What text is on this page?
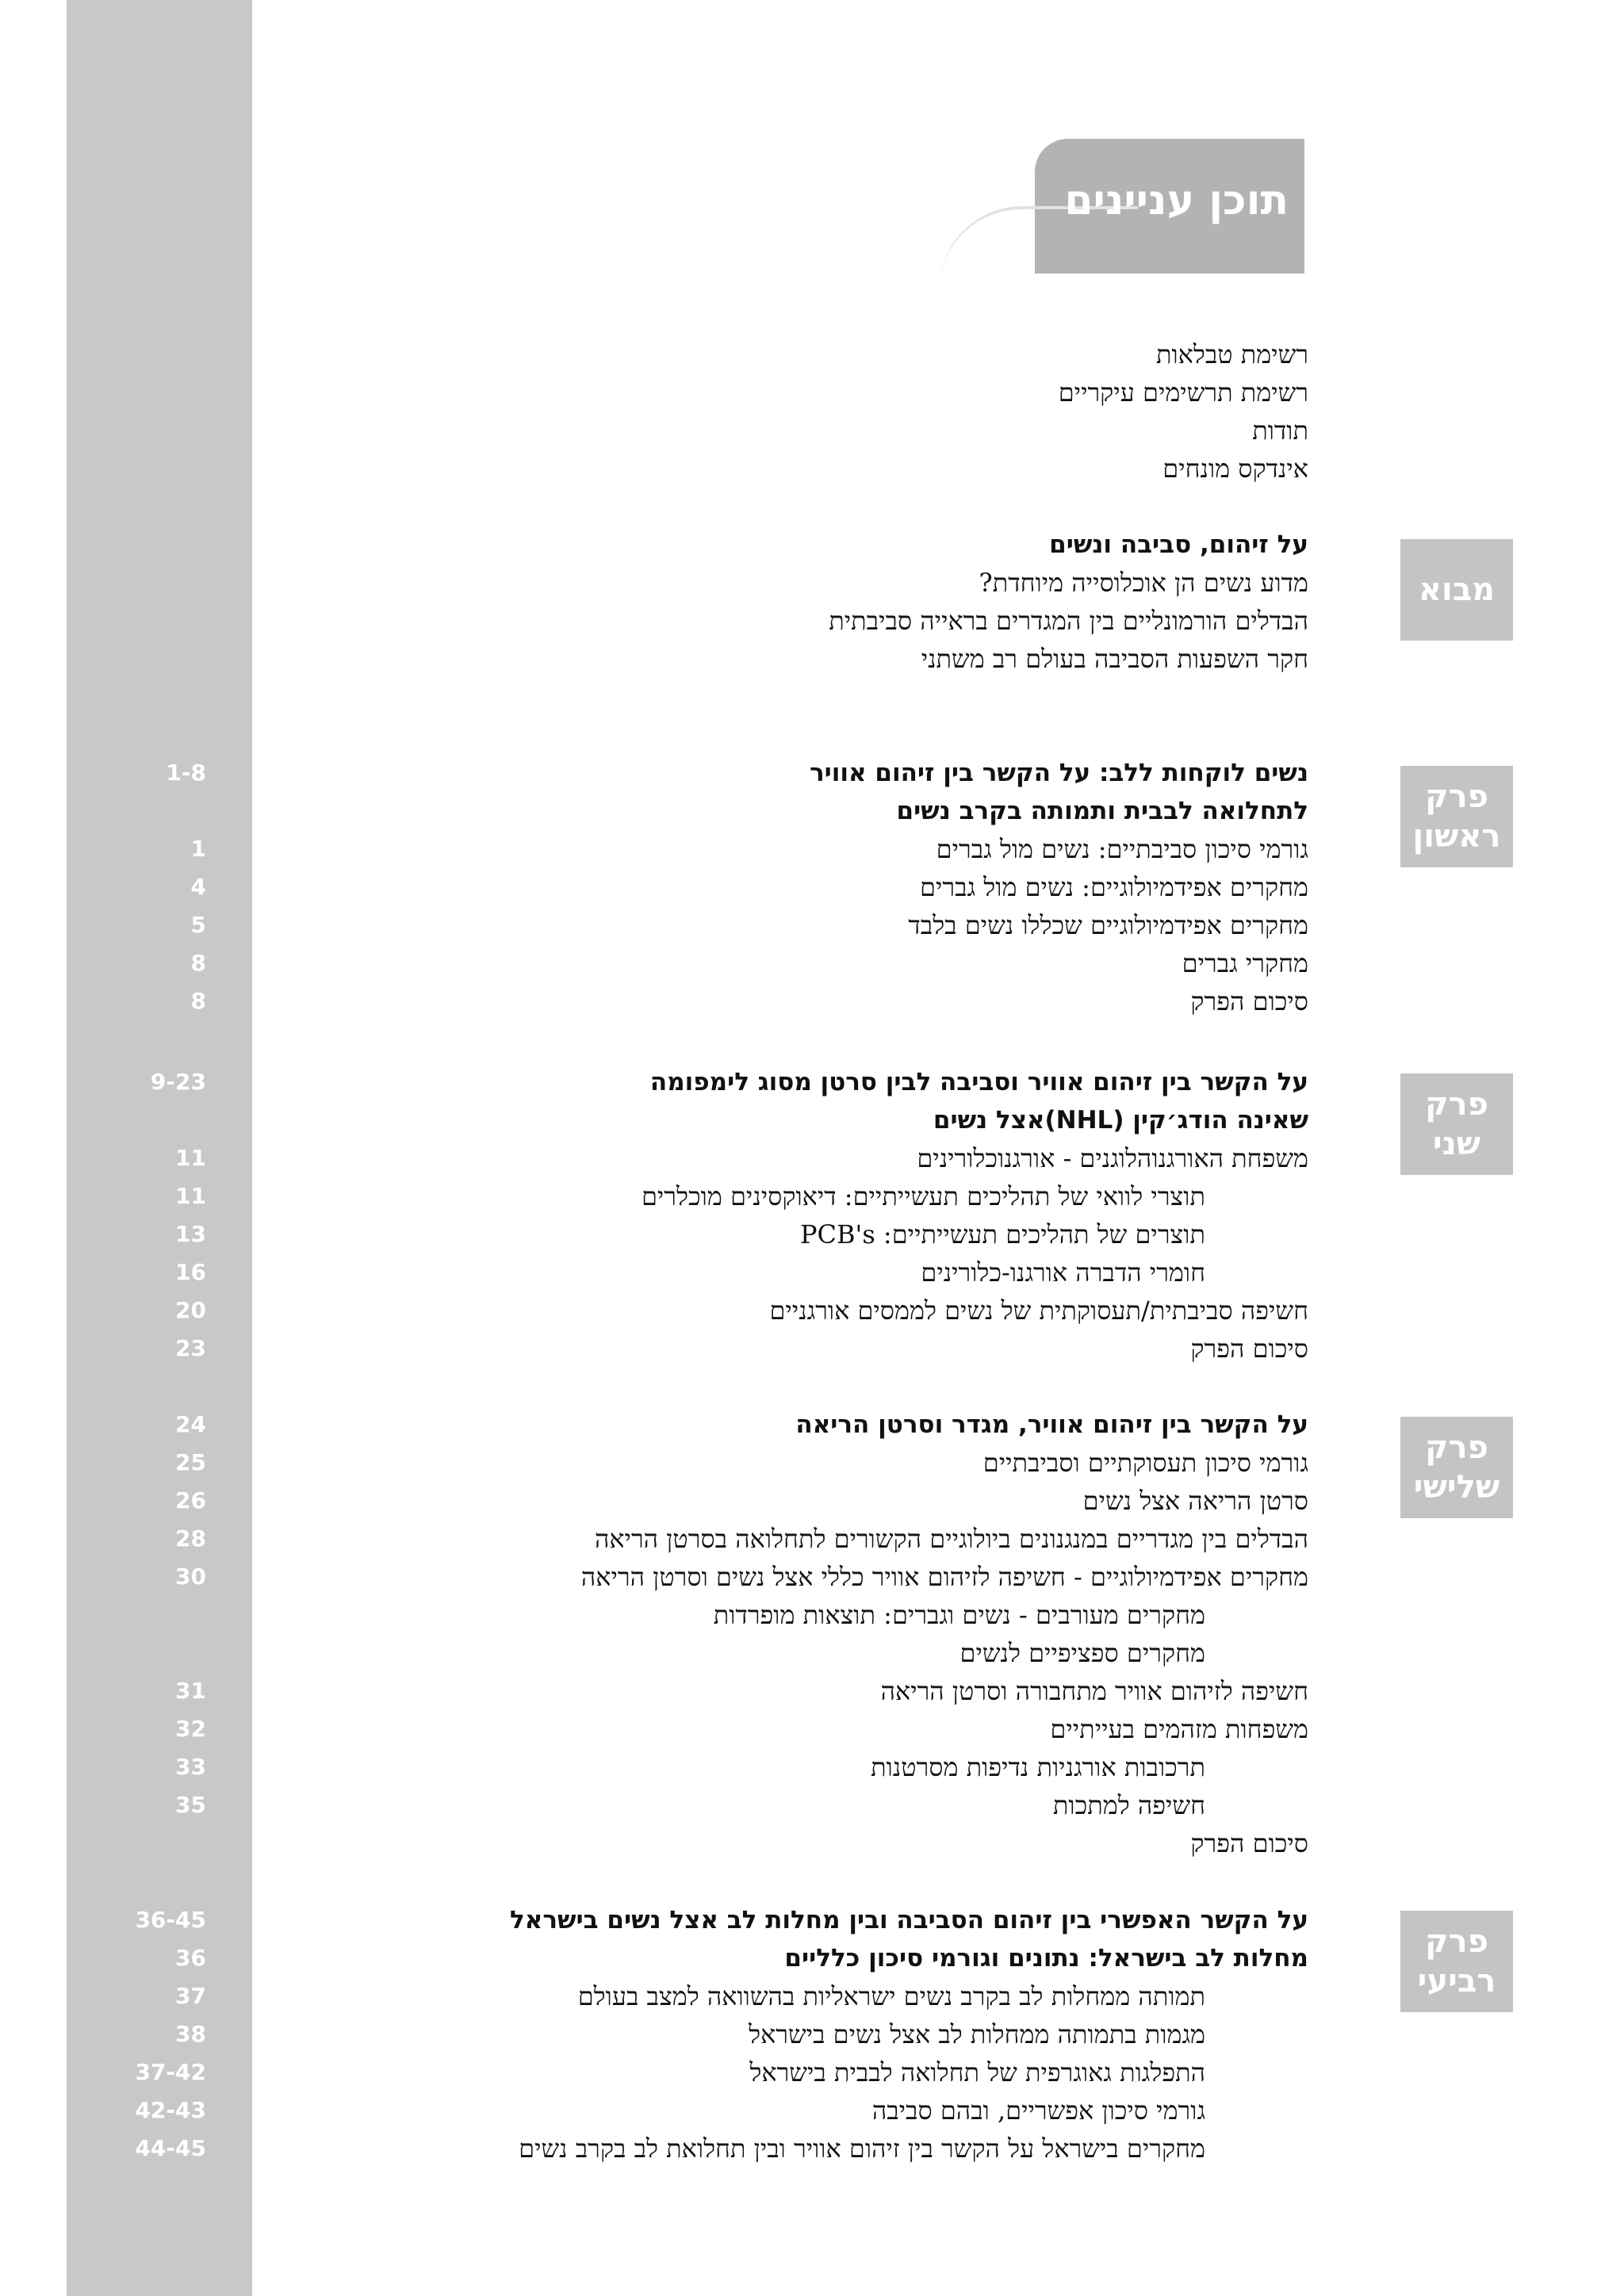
תוכן עניינים
רשימת טבלאות
רשימת תרשימים עיקריים
תודות
אינדקס מונחים
מבוא
על זיהום, סביבה ונשים
מדוע נשים הן אוכלוסייה מיוחדת?
הבדלים הורמונליים בין המגדרים בראייה סביבתית
חקר השפעות הסביבה בעולם רב משתני
פרק
ראשון
נשים לוקחות ללב: על הקשר בין זיהום אוויר
1-8
לתחלואה לבבית ותמותה בקרב נשים
גורמי סיכון סביבתיים: נשים מול גברים
1
מחקרים אפידמיולוגיים: נשים מול גברים
4
מחקרים אפידמיולוגיים שכללו נשים בלבד
5
מחקרי גברים
8
סיכום הפרק
8
פרק
שני
על הקשר בין זיהום אוויר וסביבה לבין סרטן מסוג לימפומה
9-23
שאינה הודג׳קין (NHL)אצל נשים
משפחת האורגנוהלוגנים - אורגנוכלורינים
11
תוצרי לוואי של תהליכים תעשייתיים: דיאוקסינים מוכלרים
11
תוצרים של תהליכים תעשייתיים: PCB's
13
חומרי הדברה אורגנו-כלורינים
16
חשיפה סביבתית/תעסוקתית של נשים לממסים אורגניים
20
סיכום הפרק
23
פרק
שלישי
על הקשר בין זיהום אוויר, מגדר וסרטן הריאה
24
גורמי סיכון תעסוקתיים וסביבתיים
25
סרטן הריאה אצל נשים
26
הבדלים בין מגדריים במנגנונים ביולוגיים הקשורים לתחלואה בסרטן הריאה
28
מחקרים אפידמיולוגיים - חשיפה לזיהום אוויר כללי אצל נשים וסרטן הריאה
30
מחקרים מעורבים - נשים וגברים: תוצאות מופרדות
מחקרים ספציפיים לנשים
חשיפה לזיהום אוויר מתחבורה וסרטן הריאה
31
משפחות מזהמים בעייתיים
32
תרכובות אורגניות נדיפות מסרטנות
33
חשיפה למתכות
35
סיכום הפרק
פרק
רביעי
על הקשר האפשרי בין זיהום הסביבה ובין מחלות לב אצל נשים בישראל
36-45
מחלות לב בישראל: נתונים וגורמי סיכון כלליים
36
תמותה ממחלות לב בקרב נשים ישראליות בהשוואה למצב בעולם
37
מגמות בתמותה ממחלות לב אצל נשים בישראל
38
התפלגות גאוגרפית של תחלואה לבבית בישראל
37-42
גורמי סיכון אפשריים, ובהם סביבה
42-43
מחקרים בישראל על הקשר בין זיהום אוויר ובין תחלואת לב בקרב נשים
44-45
